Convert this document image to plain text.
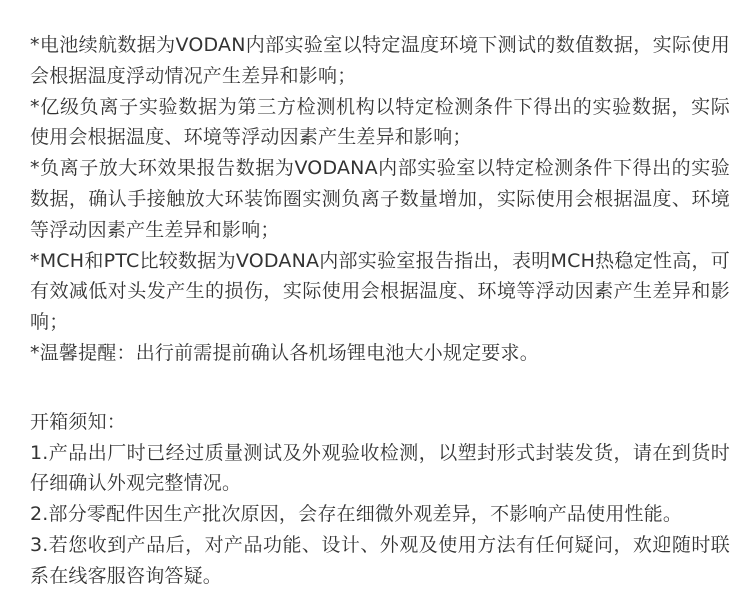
*电池续航数据为VODAN内部实验室以特定温度环境下测试的数值数据，实际使用会根据温度浮动情况产生差异和影响；

*亿级负离子实验数据为第三方检测机构以特定检测条件下得出的实验数据，实际使用会根据温度、环境等浮动因素产生差异和影响；

*负离子放大环效果报告数据为VODANA内部实验室以特定检测条件下得出的实验数据，确认手接触放大环装饰圈实测负离子数量增加，实际使用会根据温度、环境等浮动因素产生差异和影响；

*MCH和PTC比较数据为VODANA内部实验室报告指出，表明MCH热稳定性高，可有效减低对头发产生的损伤，实际使用会根据温度、环境等浮动因素产生差异和影响；

*温馨提醒：出行前需提前确认各机场锂电池大小规定要求。

开箱须知：

1.产品出厂时已经过质量测试及外观验收检测，以塑封形式封装发货，请在到货时仔细确认外观完整情况。

2.部分零配件因生产批次原因，会存在细微外观差异，不影响产品使用性能。

3.若您收到产品后，对产品功能、设计、外观及使用方法有任何疑问，欢迎随时联系在线客服咨询答疑。
